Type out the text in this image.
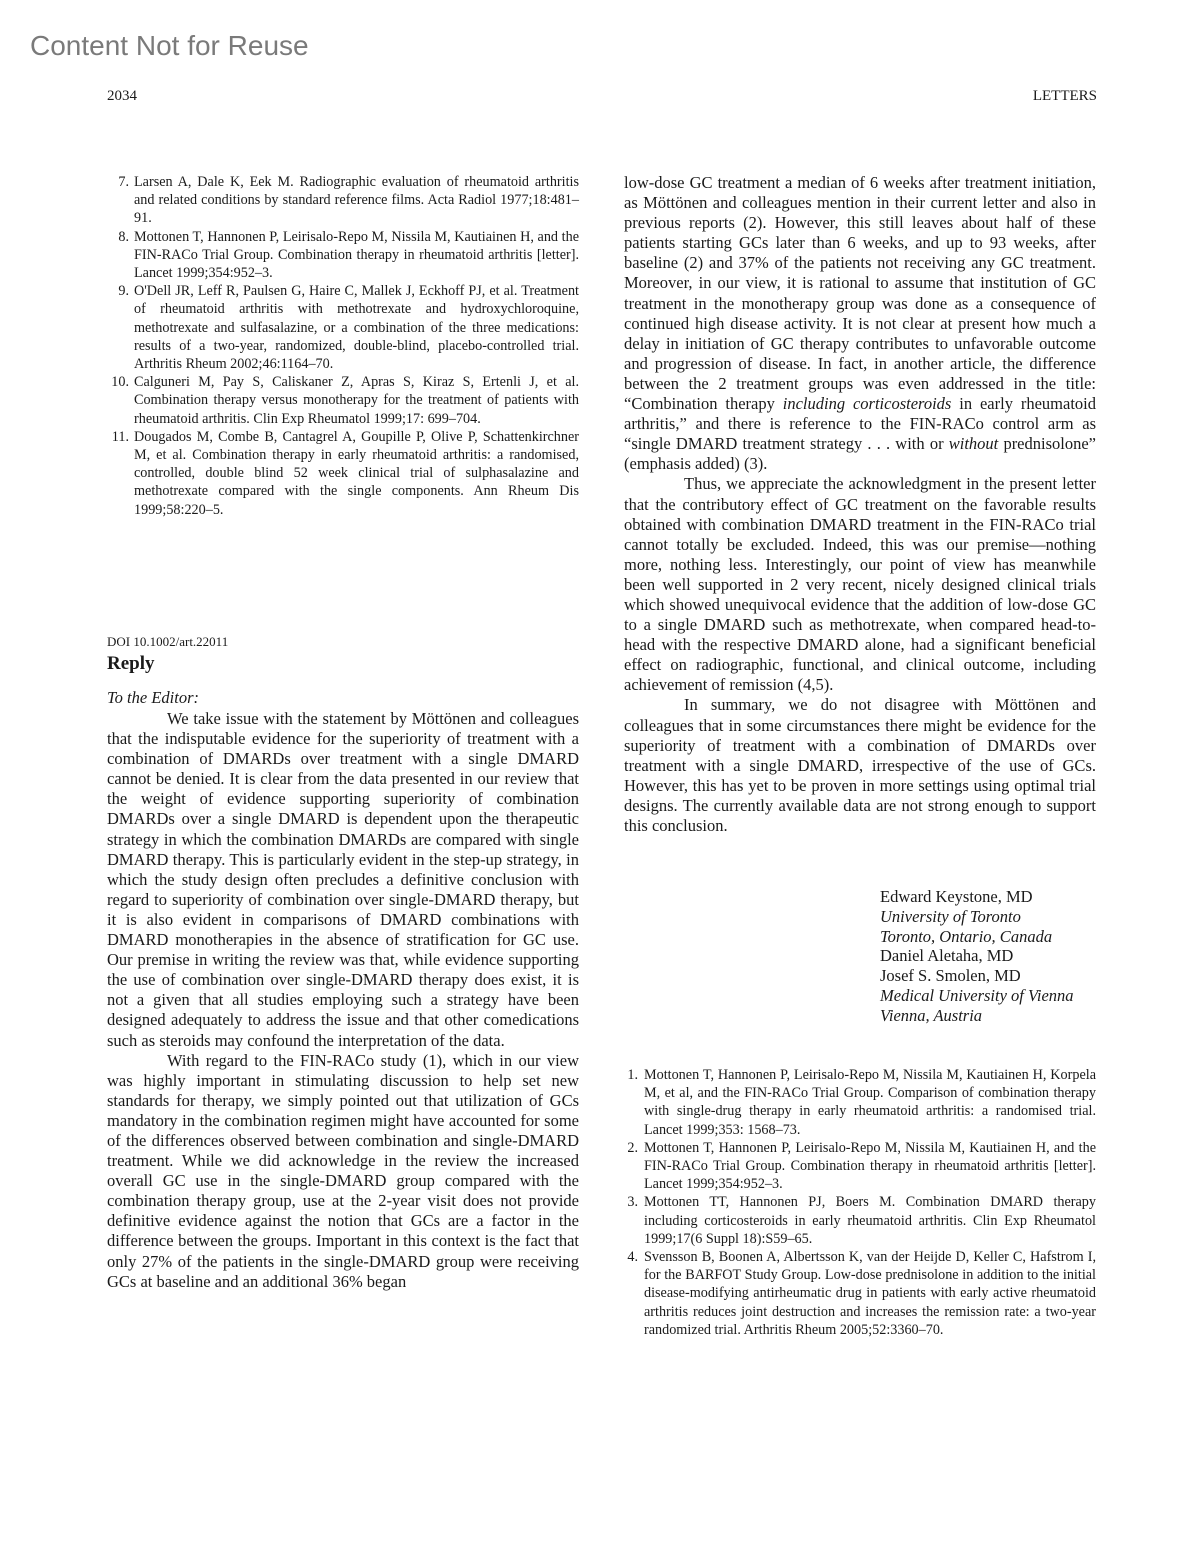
Content Not for Reuse
2034	LETTERS
7. Larsen A, Dale K, Eek M. Radiographic evaluation of rheumatoid arthritis and related conditions by standard reference films. Acta Radiol 1977;18:481–91.
8. Mottonen T, Hannonen P, Leirisalo-Repo M, Nissila M, Kautiainen H, and the FIN-RACo Trial Group. Combination therapy in rheumatoid arthritis [letter]. Lancet 1999;354:952–3.
9. O'Dell JR, Leff R, Paulsen G, Haire C, Mallek J, Eckhoff PJ, et al. Treatment of rheumatoid arthritis with methotrexate and hydroxychloroquine, methotrexate and sulfasalazine, or a combination of the three medications: results of a two-year, randomized, double-blind, placebo-controlled trial. Arthritis Rheum 2002;46:1164–70.
10. Calguneri M, Pay S, Caliskaner Z, Apras S, Kiraz S, Ertenli J, et al. Combination therapy versus monotherapy for the treatment of patients with rheumatoid arthritis. Clin Exp Rheumatol 1999;17: 699–704.
11. Dougados M, Combe B, Cantagrel A, Goupille P, Olive P, Schattenkirchner M, et al. Combination therapy in early rheumatoid arthritis: a randomised, controlled, double blind 52 week clinical trial of sulphasalazine and methotrexate compared with the single components. Ann Rheum Dis 1999;58:220–5.
DOI 10.1002/art.22011
Reply
To the Editor:

We take issue with the statement by Möttönen and colleagues that the indisputable evidence for the superiority of treatment with a combination of DMARDs over treatment with a single DMARD cannot be denied. It is clear from the data presented in our review that the weight of evidence supporting superiority of combination DMARDs over a single DMARD is dependent upon the therapeutic strategy in which the combination DMARDs are compared with single DMARD therapy. This is particularly evident in the step-up strategy, in which the study design often precludes a definitive conclusion with regard to superiority of combination over single-DMARD therapy, but it is also evident in comparisons of DMARD combinations with DMARD monotherapies in the absence of stratification for GC use. Our premise in writing the review was that, while evidence supporting the use of combination over single-DMARD therapy does exist, it is not a given that all studies employing such a strategy have been designed adequately to address the issue and that other comedications such as steroids may confound the interpretation of the data.

With regard to the FIN-RACo study (1), which in our view was highly important in stimulating discussion to help set new standards for therapy, we simply pointed out that utilization of GCs mandatory in the combination regimen might have accounted for some of the differences observed between combination and single-DMARD treatment. While we did acknowledge in the review the increased overall GC use in the single-DMARD group compared with the combination therapy group, use at the 2-year visit does not provide definitive evidence against the notion that GCs are a factor in the difference between the groups. Important in this context is the fact that only 27% of the patients in the single-DMARD group were receiving GCs at baseline and an additional 36% began

low-dose GC treatment a median of 6 weeks after treatment initiation, as Möttönen and colleagues mention in their current letter and also in previous reports (2). However, this still leaves about half of these patients starting GCs later than 6 weeks, and up to 93 weeks, after baseline (2) and 37% of the patients not receiving any GC treatment. Moreover, in our view, it is rational to assume that institution of GC treatment in the monotherapy group was done as a consequence of continued high disease activity. It is not clear at present how much a delay in initiation of GC therapy contributes to unfavorable outcome and progression of disease. In fact, in another article, the difference between the 2 treatment groups was even addressed in the title: “Combination therapy including corticosteroids in early rheumatoid arthritis,” and there is reference to the FIN-RACo control arm as “single DMARD treatment strategy . . . with or without prednisolone” (emphasis added) (3).

Thus, we appreciate the acknowledgment in the present letter that the contributory effect of GC treatment on the favorable results obtained with combination DMARD treatment in the FIN-RACo trial cannot totally be excluded. Indeed, this was our premise—nothing more, nothing less. Interestingly, our point of view has meanwhile been well supported in 2 very recent, nicely designed clinical trials which showed unequivocal evidence that the addition of low-dose GC to a single DMARD such as methotrexate, when compared head-to-head with the respective DMARD alone, had a significant beneficial effect on radiographic, functional, and clinical outcome, including achievement of remission (4,5).

In summary, we do not disagree with Möttönen and colleagues that in some circumstances there might be evidence for the superiority of treatment with a combination of DMARDs over treatment with a single DMARD, irrespective of the use of GCs. However, this has yet to be proven in more settings using optimal trial designs. The currently available data are not strong enough to support this conclusion.

Edward Keystone, MD
University of Toronto
Toronto, Ontario, Canada
Daniel Aletaha, MD
Josef S. Smolen, MD
Medical University of Vienna
Vienna, Austria
1. Mottonen T, Hannonen P, Leirisalo-Repo M, Nissila M, Kautiainen H, Korpela M, et al, and the FIN-RACo Trial Group. Comparison of combination therapy with single-drug therapy in early rheumatoid arthritis: a randomised trial. Lancet 1999;353: 1568–73.
2. Mottonen T, Hannonen P, Leirisalo-Repo M, Nissila M, Kautiainen H, and the FIN-RACo Trial Group. Combination therapy in rheumatoid arthritis [letter]. Lancet 1999;354:952–3.
3. Mottonen TT, Hannonen PJ, Boers M. Combination DMARD therapy including corticosteroids in early rheumatoid arthritis. Clin Exp Rheumatol 1999;17(6 Suppl 18):S59–65.
4. Svensson B, Boonen A, Albertsson K, van der Heijde D, Keller C, Hafstrom I, for the BARFOT Study Group. Low-dose prednisolone in addition to the initial disease-modifying antirheumatic drug in patients with early active rheumatoid arthritis reduces joint destruction and increases the remission rate: a two-year randomized trial. Arthritis Rheum 2005;52:3360–70.
